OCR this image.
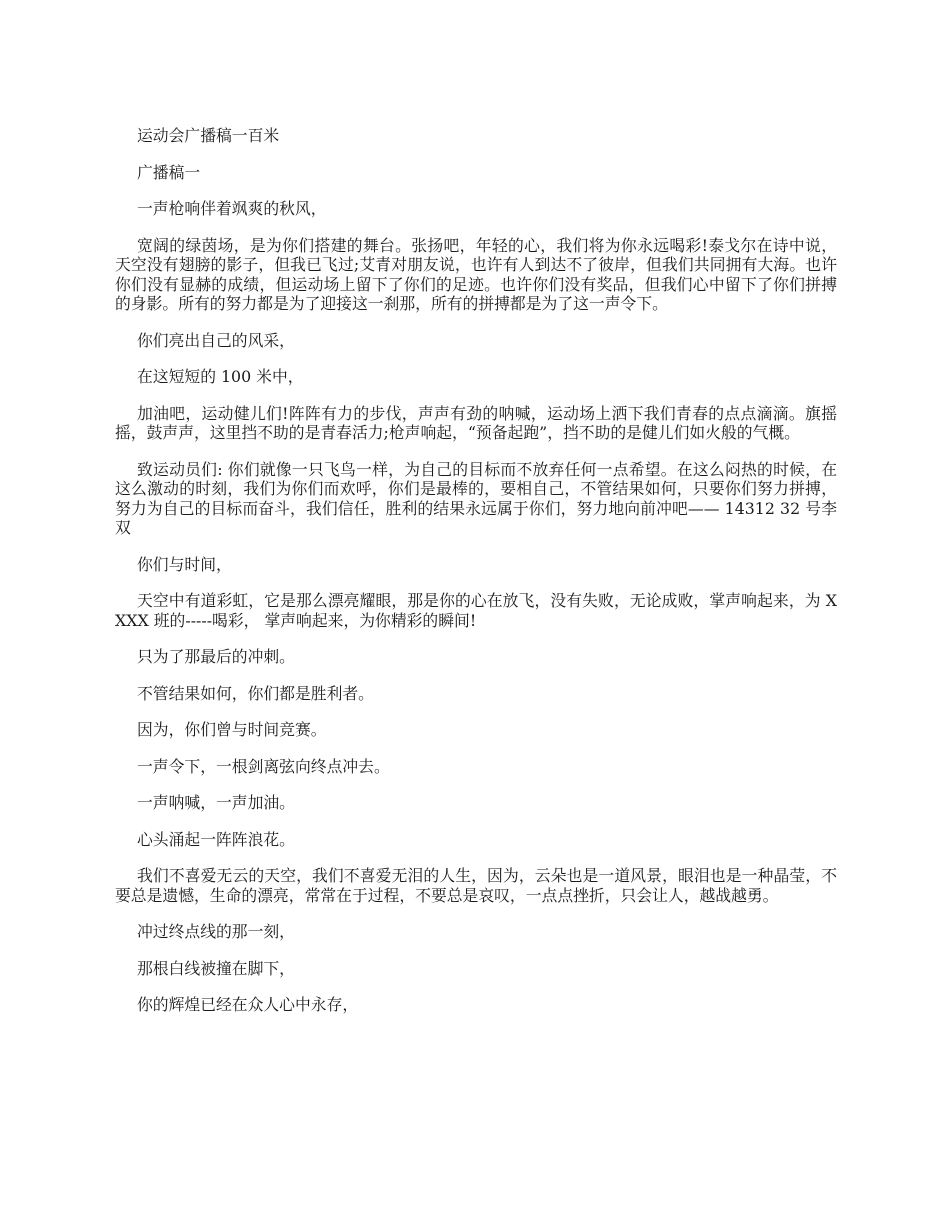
运动会广播稿一百米

广播稿一

一声枪响伴着飒爽的秋风，

宽阔的绿茵场，是为你们搭建的舞台。张扬吧，年轻的心，我们将为你永远喝彩!泰戈尔在诗中说，天空没有翅膀的影子，但我已飞过;艾青对朋友说，也许有人到达不了彼岸，但我们共同拥有大海。也许你们没有显赫的成绩，但运动场上留下了你们的足迹。也许你们没有奖品，但我们心中留下了你们拼搏的身影。所有的努力都是为了迎接这一刹那，所有的拼搏都是为了这一声令下。

你们亮出自己的风采，

在这短短的 100 米中，

加油吧，运动健儿们!阵阵有力的步伐，声声有劲的呐喊，运动场上洒下我们青春的点点滴滴。旗摇摇，鼓声声，这里挡不助的是青春活力;枪声响起，“预备起跑”，挡不助的是健儿们如火般的气概。

致运动员们: 你们就像一只飞鸟一样，为自己的目标而不放弃任何一点希望。在这么闷热的时候，在这么激动的时刻，我们为你们而欢呼，你们是最棒的，要相自己，不管结果如何，只要你们努力拼搏，努力为自己的目标而奋斗，我们信任，胜利的结果永远属于你们，努力地向前冲吧—— 14312 32 号李双

你们与时间，

天空中有道彩虹，它是那么漂亮耀眼，那是你的心在放飞，没有失败，无论成败，掌声响起来，为 XXXX 班的-----喝彩， 掌声响起来，为你精彩的瞬间!

只为了那最后的冲刺。

不管结果如何，你们都是胜利者。

因为，你们曾与时间竞赛。

一声令下，一根剑离弦向终点冲去。

一声呐喊，一声加油。

心头涌起一阵阵浪花。

我们不喜爱无云的天空，我们不喜爱无泪的人生，因为，云朵也是一道风景，眼泪也是一种晶莹，不要总是遗憾，生命的漂亮，常常在于过程，不要总是哀叹，一点点挫折，只会让人，越战越勇。

冲过终点线的那一刻，

那根白线被撞在脚下，

你的辉煌已经在众人心中永存，
